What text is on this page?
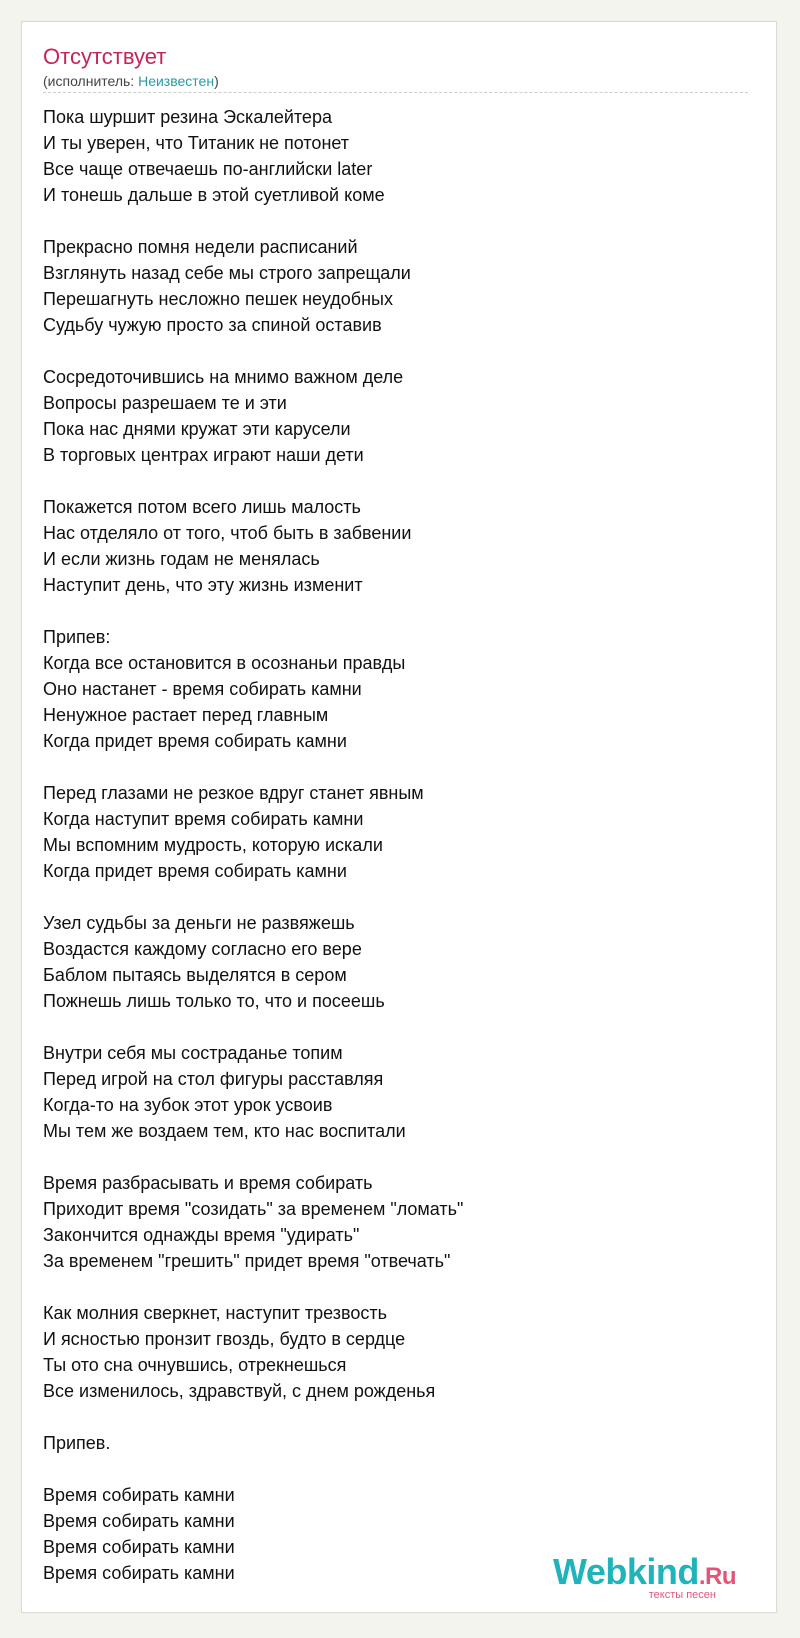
Отсутствует
(исполнитель: Неизвестен)
Пока шуршит резина Эскалейтера
И ты уверен, что Титаник не потонет
Все чаще отвечаешь по-английски later
И тонешь дальше в этой суетливой коме
Прекрасно помня недели расписаний
Взглянуть назад себе мы строго запрещали
Перешагнуть несложно пешек неудобных
Судьбу чужую просто за спиной оставив
Сосредоточившись на мнимо важном деле
Вопросы разрешаем те и эти
Пока нас днями кружат эти карусели
В торговых центрах играют наши дети
Покажется потом всего лишь малость
Нас отделяло от того, чтоб быть в забвении
И если жизнь годам не менялась
Наступит день, что эту жизнь изменит
Припев:
Когда все остановится в осознаньи правды
Оно настанет - время собирать камни
Ненужное растает перед главным
Когда придет время собирать камни
Перед глазами не резкое вдруг станет явным
Когда наступит время собирать камни
Мы вспомним мудрость, которую искали
Когда придет время собирать камни
Узел судьбы за деньги не развяжешь
Воздастся каждому согласно его вере
Баблом пытаясь выделятся в сером
Пожнешь лишь только то, что и посеешь
Внутри себя мы состраданье топим
Перед игрой на стол фигуры расставляя
Когда-то на зубок этот урок усвоив
Мы тем же воздаем тем, кто нас воспитали
Время разбрасывать и время собирать
Приходит время "созидать" за временем "ломать"
Закончится однажды время "удирать"
За временем "грешить" придет время "отвечать"
Как молния сверкнет, наступит трезвость
И ясностью пронзит гвоздь, будто в сердце
Ты ото сна очнувшись, отрекнешься
Все изменилось, здравствуй, с днем рожденья
Припев.
Время собирать камни
Время собирать камни
Время собирать камни
Время собирать камни	Webkind.Ru
тексты песен
